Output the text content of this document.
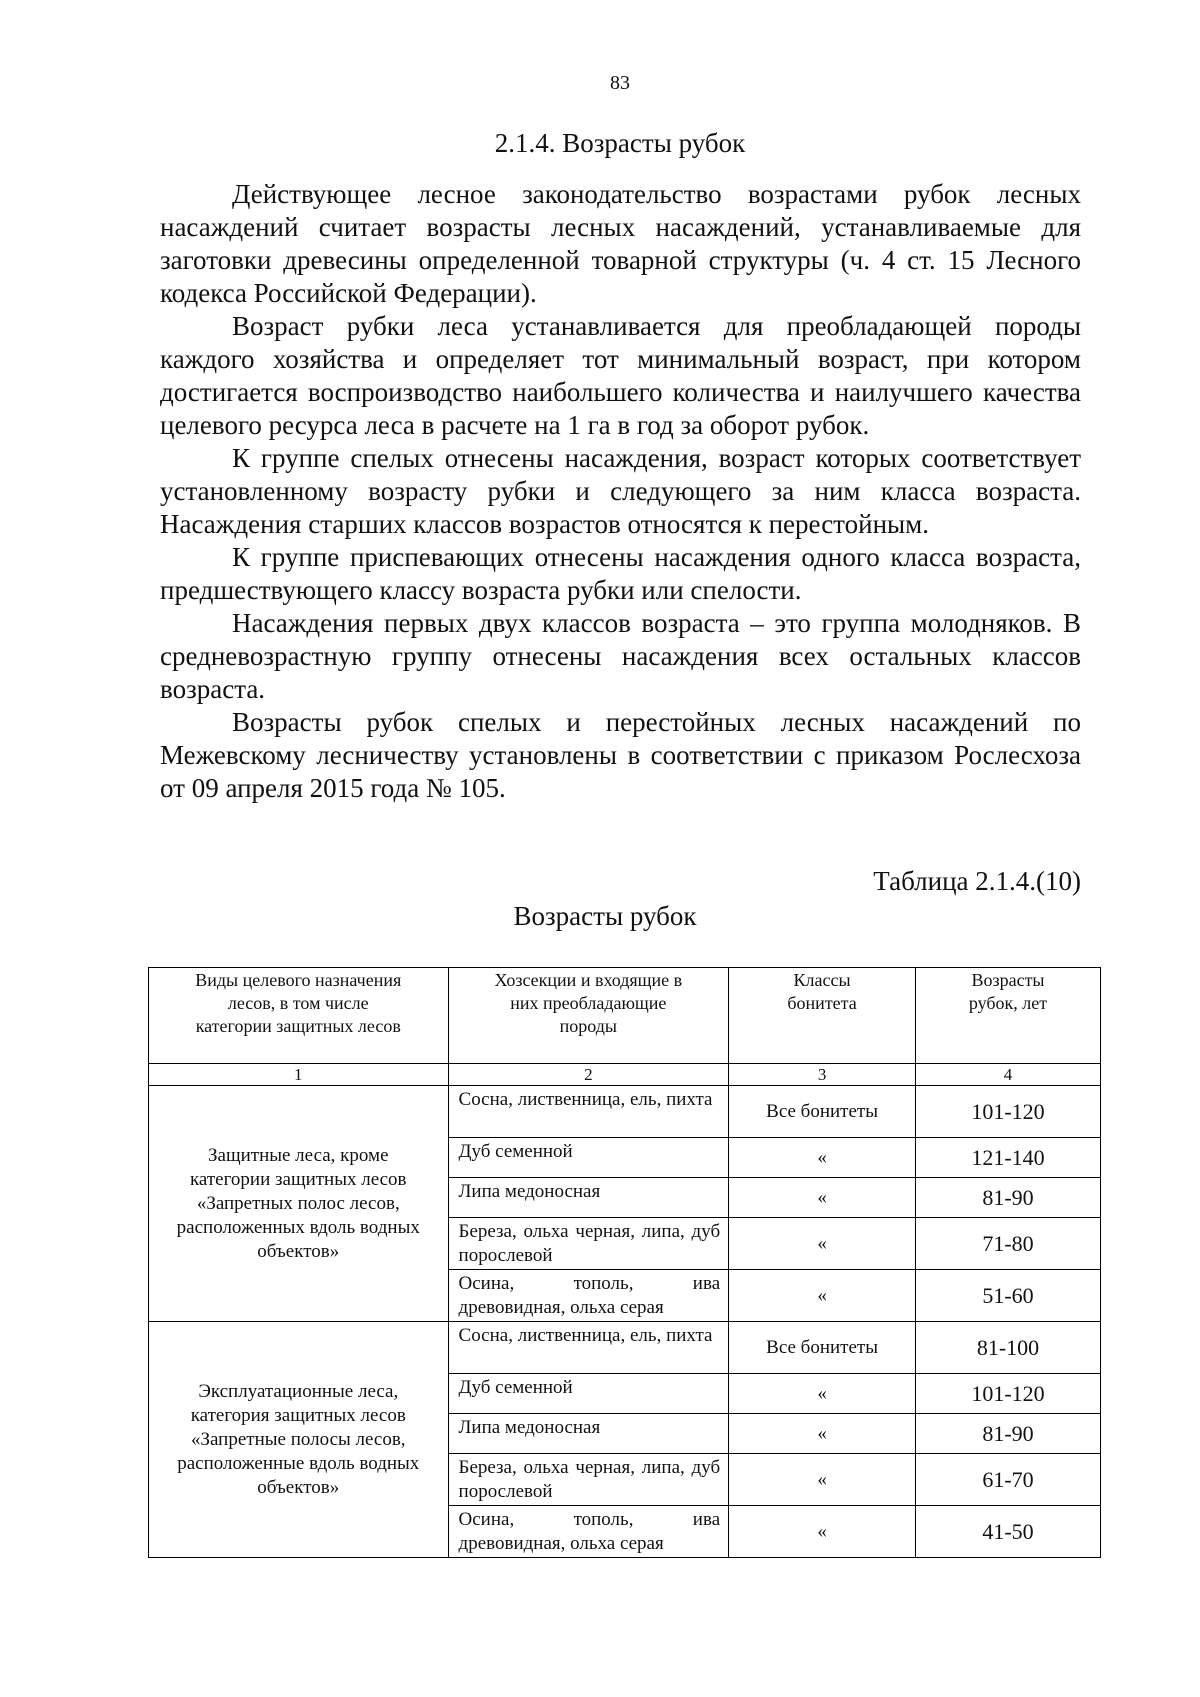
83
2.1.4. Возрасты рубок

Действующее лесное законодательство возрастами рубок лесных насаждений считает возрасты лесных насаждений, устанавливаемые для заготовки древесины определенной товарной структуры (ч. 4 ст. 15 Лесного кодекса Российской Федерации).

Возраст рубки леса устанавливается для преобладающей породы каждого хозяйства и определяет тот минимальный возраст, при котором достигается воспроизводство наибольшего количества и наилучшего качества целевого ресурса леса в расчете на 1 га в год за оборот рубок.

К группе спелых отнесены насаждения, возраст которых соответствует установленному возрасту рубки и следующего за ним класса возраста. Насаждения старших классов возрастов относятся к перестойным.

К группе приспевающих отнесены насаждения одного класса возраста, предшествующего классу возраста рубки или спелости.

Насаждения первых двух классов возраста – это группа молодняков. В средневозрастную группу отнесены насаждения всех остальных классов возраста.

Возрасты рубок спелых и перестойных лесных насаждений по Межевскому лесничеству установлены в соответствии с приказом Рослесхоза от 09 апреля 2015 года № 105.

Таблица 2.1.4.(10)
Возрасты рубок
Виды целевого назначения лесов, в том числе категории защитных лесов	Хозсекции и входящие в них преобладающие породы	Классы бонитета	Возрасты рубок, лет
1	2	3	4
Защитные леса, кроме категории защитных лесов «Запретных полос лесов, расположенных вдоль водных объектов»	Сосна, лиственница, ель, пихта	Все бонитеты	101-120
	Дуб семенной	«	121-140
	Липа медоносная	«	81-90
	Береза, ольха черная, липа, дуб порослевой	«	71-80
	Осина, тополь, ива древовидная, ольха серая	«	51-60
Эксплуатационные леса, категория защитных лесов «Запретные полосы лесов, расположенные вдоль водных объектов»	Сосна, лиственница, ель, пихта	Все бонитеты	81-100
	Дуб семенной	«	101-120
	Липа медоносная	«	81-90
	Береза, ольха черная, липа, дуб порослевой	«	61-70
	Осина, тополь, ива древовидная, ольха серая	«	41-50
